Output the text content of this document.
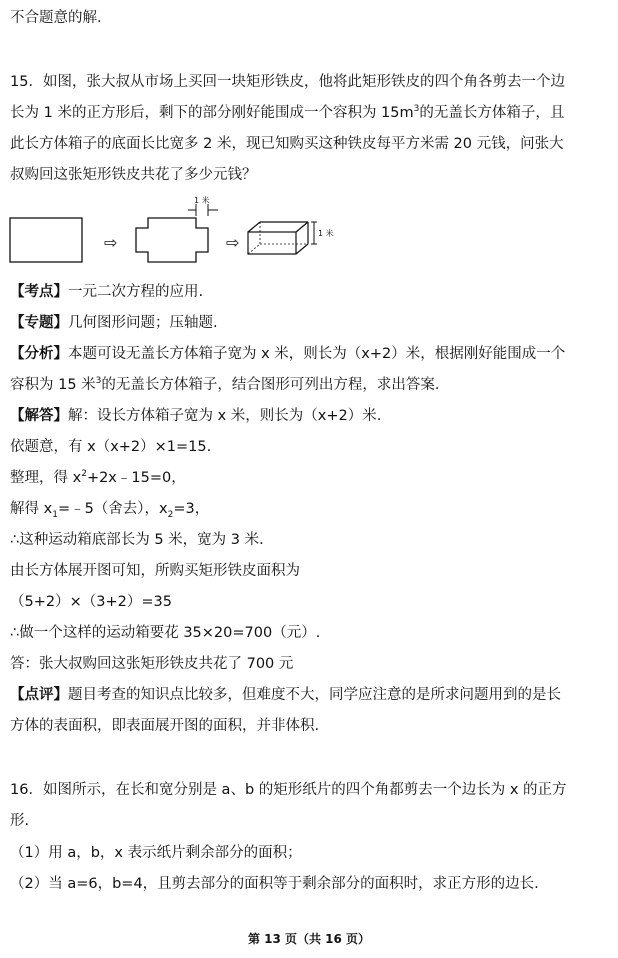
不合题意的解.
15．如图，张大叔从市场上买回一块矩形铁皮，他将此矩形铁皮的四个角各剪去一个边
长为 1 米的正方形后，剩下的部分刚好能围成一个容积为 $15m^3$的无盖长方体箱子，且
此长方体箱子的底面长比宽多 2 米，现已知购买这种铁皮每平方米需 20 元钱，问张大
叔购回这张矩形铁皮共花了多少元钱？
⇨
1 米
⇨	1 米
【考点】一元二次方程的应用.
【专题】几何图形问题；压轴题.
【分析】本题可设无盖长方体箱子宽为 x 米，则长为（x+2）米，根据刚好能围成一个
容积为 15 米$^3$的无盖长方体箱子，结合图形可列出方程，求出答案.
【解答】解：设长方体箱子宽为 x 米，则长为（x+2）米.
依题意，有 x（x+2）×1=15.
整理，得 $x^2+2x﹣15=0$，
解得 $x_1=﹣5$（舍去），$x_2=3$，
∴这种运动箱底部长为 5 米，宽为 3 米.
由长方体展开图可知，所购买矩形铁皮面积为
（5+2）×（3+2）=35
∴做一个这样的运动箱要花 35×20=700（元）.
答：张大叔购回这张矩形铁皮共花了 700 元
【点评】题目考查的知识点比较多，但难度不大，同学应注意的是所求问题用到的是长
方体的表面积，即表面展开图的面积，并非体积.
16．如图所示，在长和宽分别是 a、b 的矩形纸片的四个角都剪去一个边长为 x 的正方
形.
（1）用 a，b，x 表示纸片剩余部分的面积；
（2）当 a=6，b=4，且剪去部分的面积等于剩余部分的面积时，求正方形的边长.
第 13 页（共 16 页）
